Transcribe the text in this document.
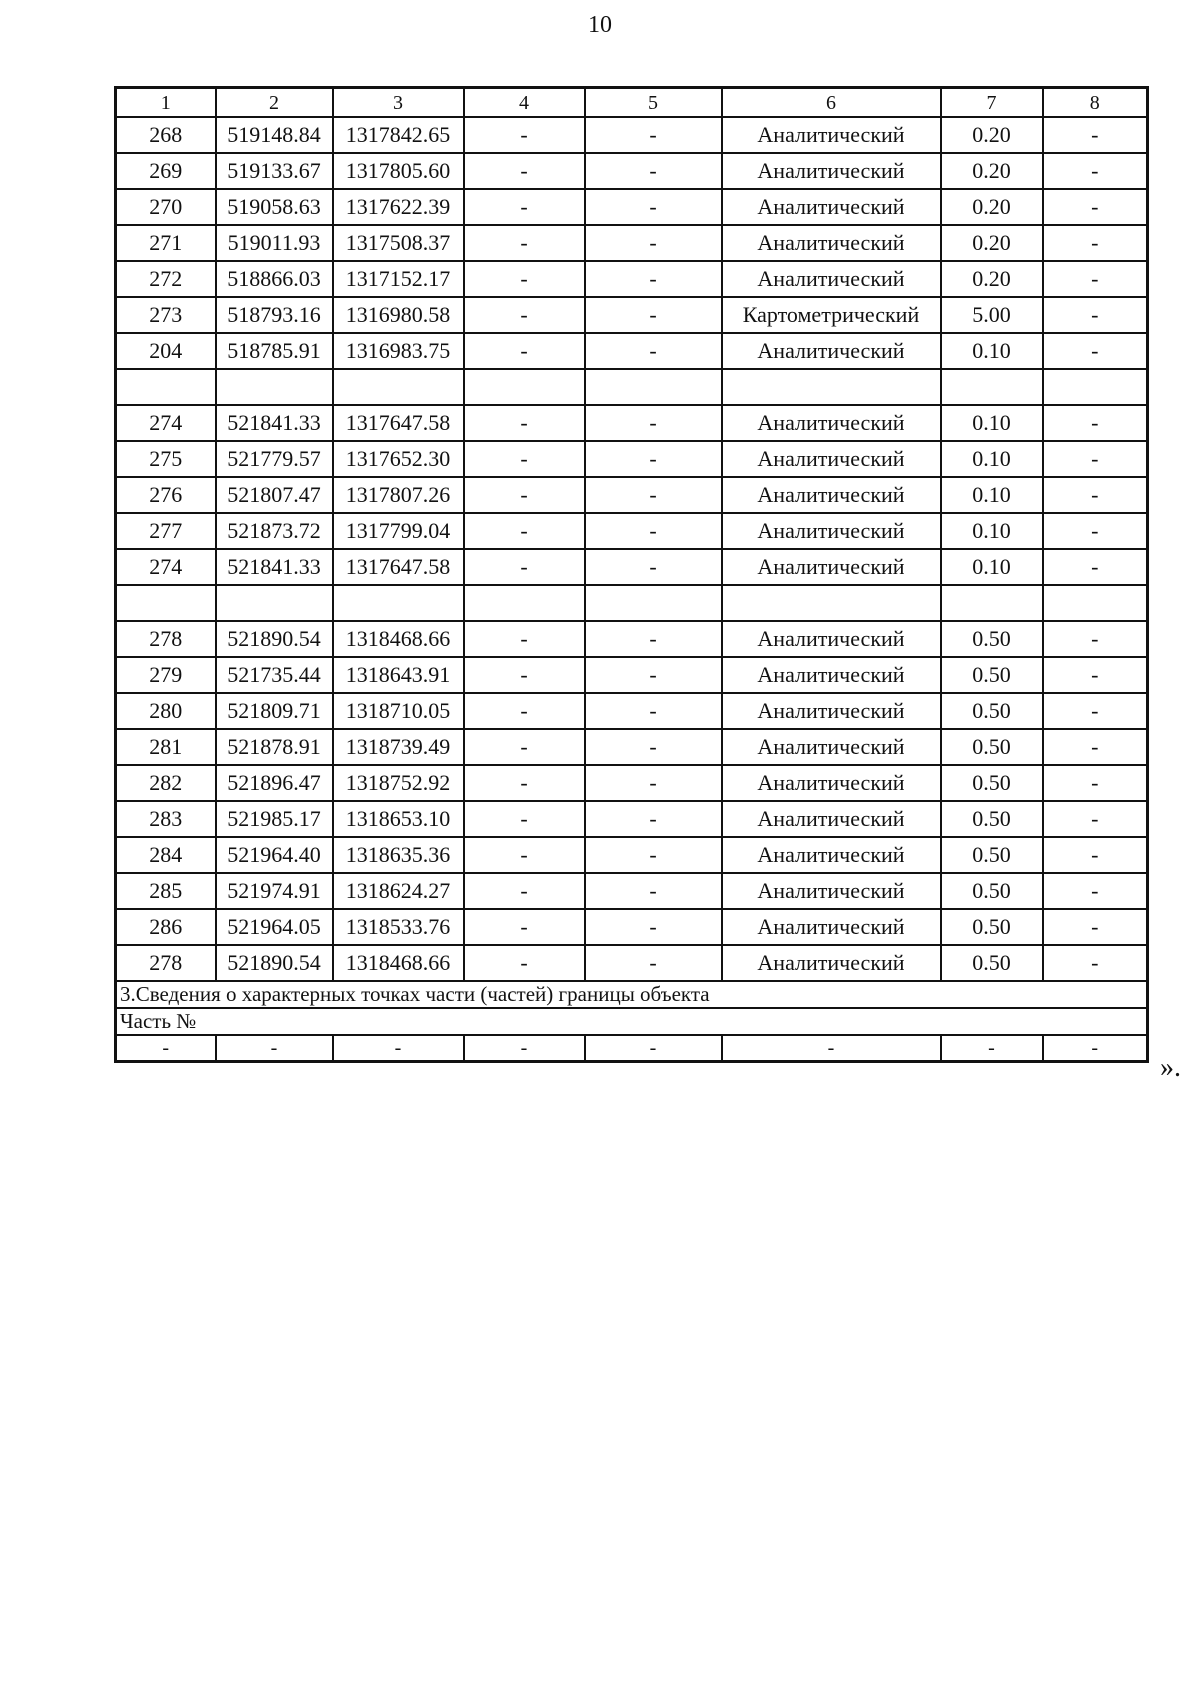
10
1	2	3	4	5	6	7	8
268	519148.84	1317842.65	-	-	Аналитический	0.20	-
269	519133.67	1317805.60	-	-	Аналитический	0.20	-
270	519058.63	1317622.39	-	-	Аналитический	0.20	-
271	519011.93	1317508.37	-	-	Аналитический	0.20	-
272	518866.03	1317152.17	-	-	Аналитический	0.20	-
273	518793.16	1316980.58	-	-	Картометрический	5.00	-
204	518785.91	1316983.75	-	-	Аналитический	0.10	-

274	521841.33	1317647.58	-	-	Аналитический	0.10	-
275	521779.57	1317652.30	-	-	Аналитический	0.10	-
276	521807.47	1317807.26	-	-	Аналитический	0.10	-
277	521873.72	1317799.04	-	-	Аналитический	0.10	-
274	521841.33	1317647.58	-	-	Аналитический	0.10	-

278	521890.54	1318468.66	-	-	Аналитический	0.50	-
279	521735.44	1318643.91	-	-	Аналитический	0.50	-
280	521809.71	1318710.05	-	-	Аналитический	0.50	-
281	521878.91	1318739.49	-	-	Аналитический	0.50	-
282	521896.47	1318752.92	-	-	Аналитический	0.50	-
283	521985.17	1318653.10	-	-	Аналитический	0.50	-
284	521964.40	1318635.36	-	-	Аналитический	0.50	-
285	521974.91	1318624.27	-	-	Аналитический	0.50	-
286	521964.05	1318533.76	-	-	Аналитический	0.50	-
278	521890.54	1318468.66	-	-	Аналитический	0.50	-
3.Сведения о характерных точках части (частей) границы объекта							
Часть №							
-	-	-	-	-	-	-	-
».
